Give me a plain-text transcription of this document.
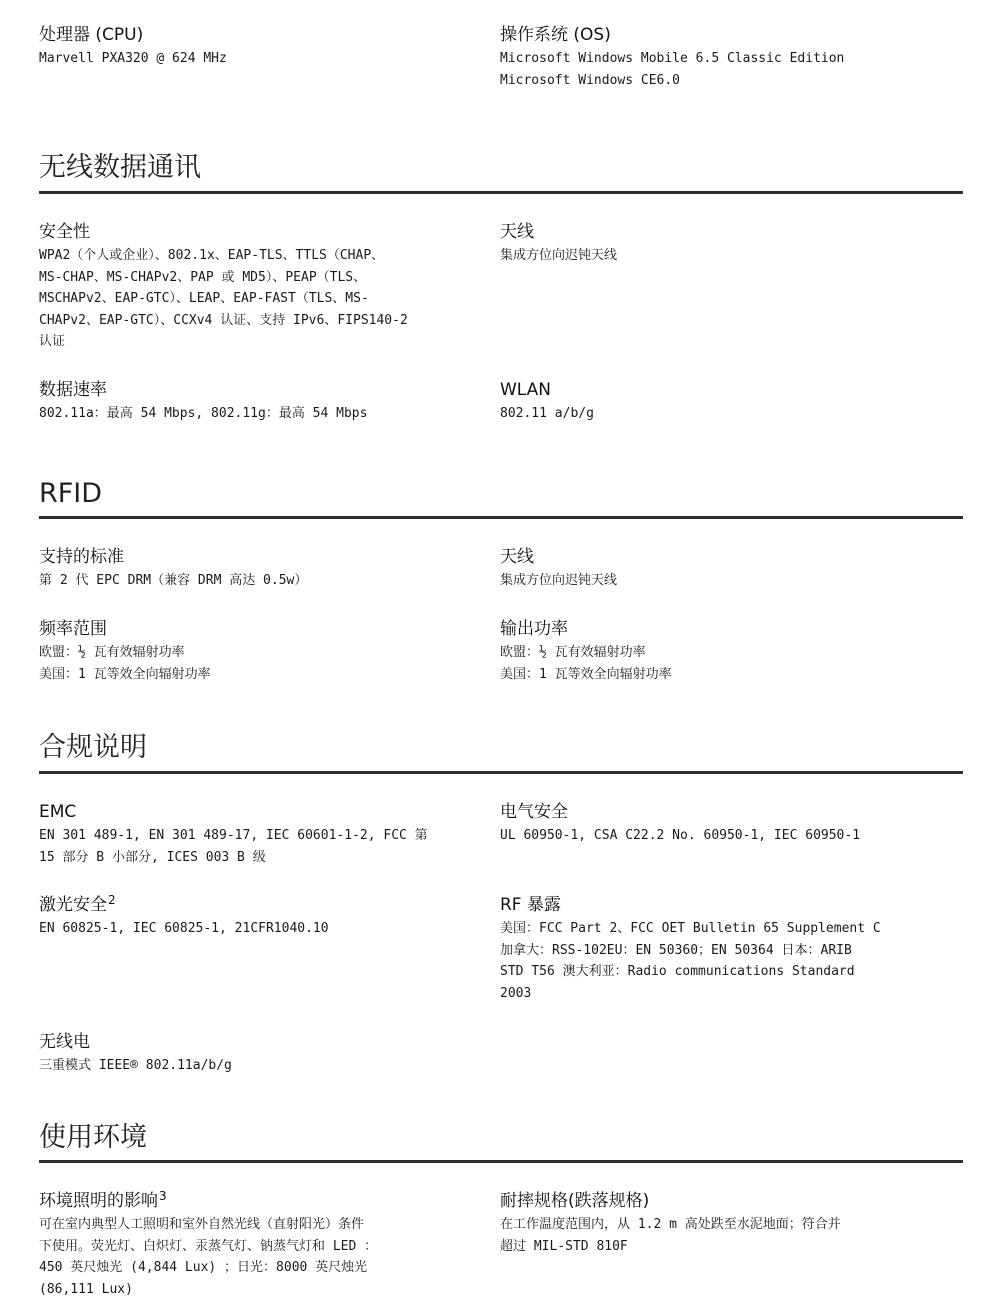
处理器 (CPU)
Marvell PXA320 @ 624 MHz
操作系统 (OS)
Microsoft Windows Mobile 6.5 Classic Edition
Microsoft Windows CE6.0
无线数据通讯
安全性
WPA2（个人或企业）、802.1x、EAP-TLS、TTLS（CHAP、
MS-CHAP、MS-CHAPv2、PAP 或 MD5）、PEAP（TLS、
MSCHAPv2、EAP-GTC）、LEAP、EAP-FAST（TLS、MS-
CHAPv2、EAP-GTC）、CCXv4 认证、支持 IPv6、FIPS140-2
认证
天线
集成方位向迟钝天线
数据速率
802.11a：最高 54 Mbps, 802.11g：最高 54 Mbps
WLAN
802.11 a/b/g
RFID
支持的标准
第 2 代 EPC DRM（兼容 DRM 高达 0.5w）
天线
集成方位向迟钝天线
频率范围
欧盟：½ 瓦有效辐射功率
美国：1 瓦等效全向辐射功率
输出功率
欧盟：½ 瓦有效辐射功率
美国：1 瓦等效全向辐射功率
合规说明
EMC
EN 301 489-1, EN 301 489-17, IEC 60601-1-2, FCC 第
15 部分 B 小部分, ICES 003 B 级
电气安全
UL 60950-1, CSA C22.2 No. 60950-1, IEC 60950-1
激光安全$^2$
EN 60825-1, IEC 60825-1, 21CFR1040.10
RF 暴露
美国：FCC Part 2、FCC OET Bulletin 65 Supplement C
加拿大：RSS-102EU：EN 50360；EN 50364 日本：ARIB
STD T56 澳大利亚：Radio communications Standard
2003
无线电
三重模式 IEEE® 802.11a/b/g
使用环境
环境照明的影响$^3$
可在室内典型人工照明和室外自然光线（直射阳光）条件
下使用。荧光灯、白炽灯、汞蒸气灯、钠蒸气灯和 LED ：
450 英尺烛光 (4,844 Lux) ；日光：8000 英尺烛光
(86,111 Lux)
耐摔规格(跌落规格)
在工作温度范围内，从 1.2 m 高处跌至水泥地面；符合并
超过 MIL-STD 810F
